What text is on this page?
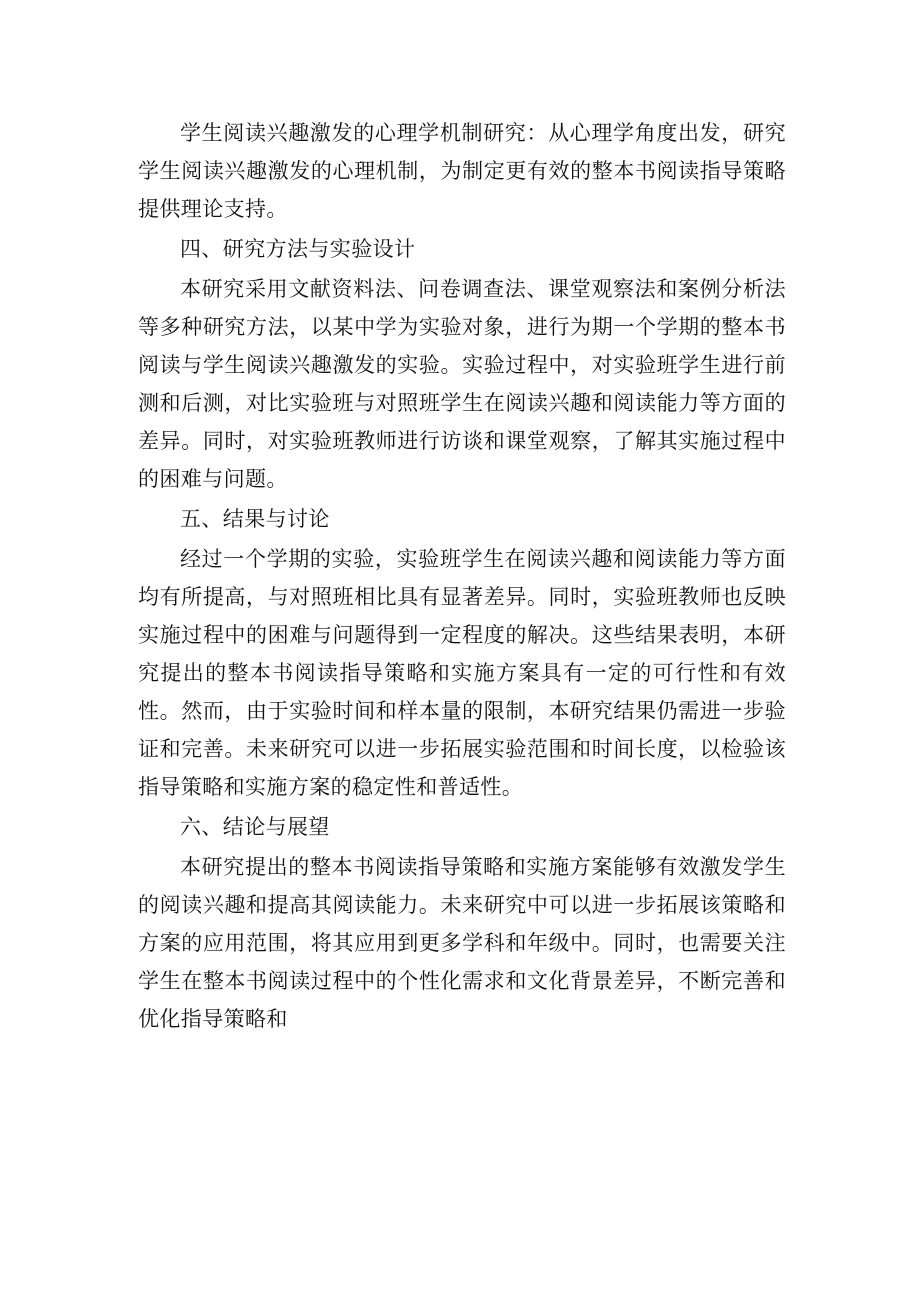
学生阅读兴趣激发的心理学机制研究：从心理学角度出发，研究学生阅读兴趣激发的心理机制，为制定更有效的整本书阅读指导策略提供理论支持。

四、研究方法与实验设计

本研究采用文献资料法、问卷调查法、课堂观察法和案例分析法等多种研究方法，以某中学为实验对象，进行为期一个学期的整本书阅读与学生阅读兴趣激发的实验。实验过程中，对实验班学生进行前测和后测，对比实验班与对照班学生在阅读兴趣和阅读能力等方面的差异。同时，对实验班教师进行访谈和课堂观察，了解其实施过程中的困难与问题。

五、结果与讨论

经过一个学期的实验，实验班学生在阅读兴趣和阅读能力等方面均有所提高，与对照班相比具有显著差异。同时，实验班教师也反映实施过程中的困难与问题得到一定程度的解决。这些结果表明，本研究提出的整本书阅读指导策略和实施方案具有一定的可行性和有效性。然而，由于实验时间和样本量的限制，本研究结果仍需进一步验证和完善。未来研究可以进一步拓展实验范围和时间长度，以检验该指导策略和实施方案的稳定性和普适性。

六、结论与展望

本研究提出的整本书阅读指导策略和实施方案能够有效激发学生的阅读兴趣和提高其阅读能力。未来研究中可以进一步拓展该策略和方案的应用范围，将其应用到更多学科和年级中。同时，也需要关注学生在整本书阅读过程中的个性化需求和文化背景差异，不断完善和优化指导策略和
